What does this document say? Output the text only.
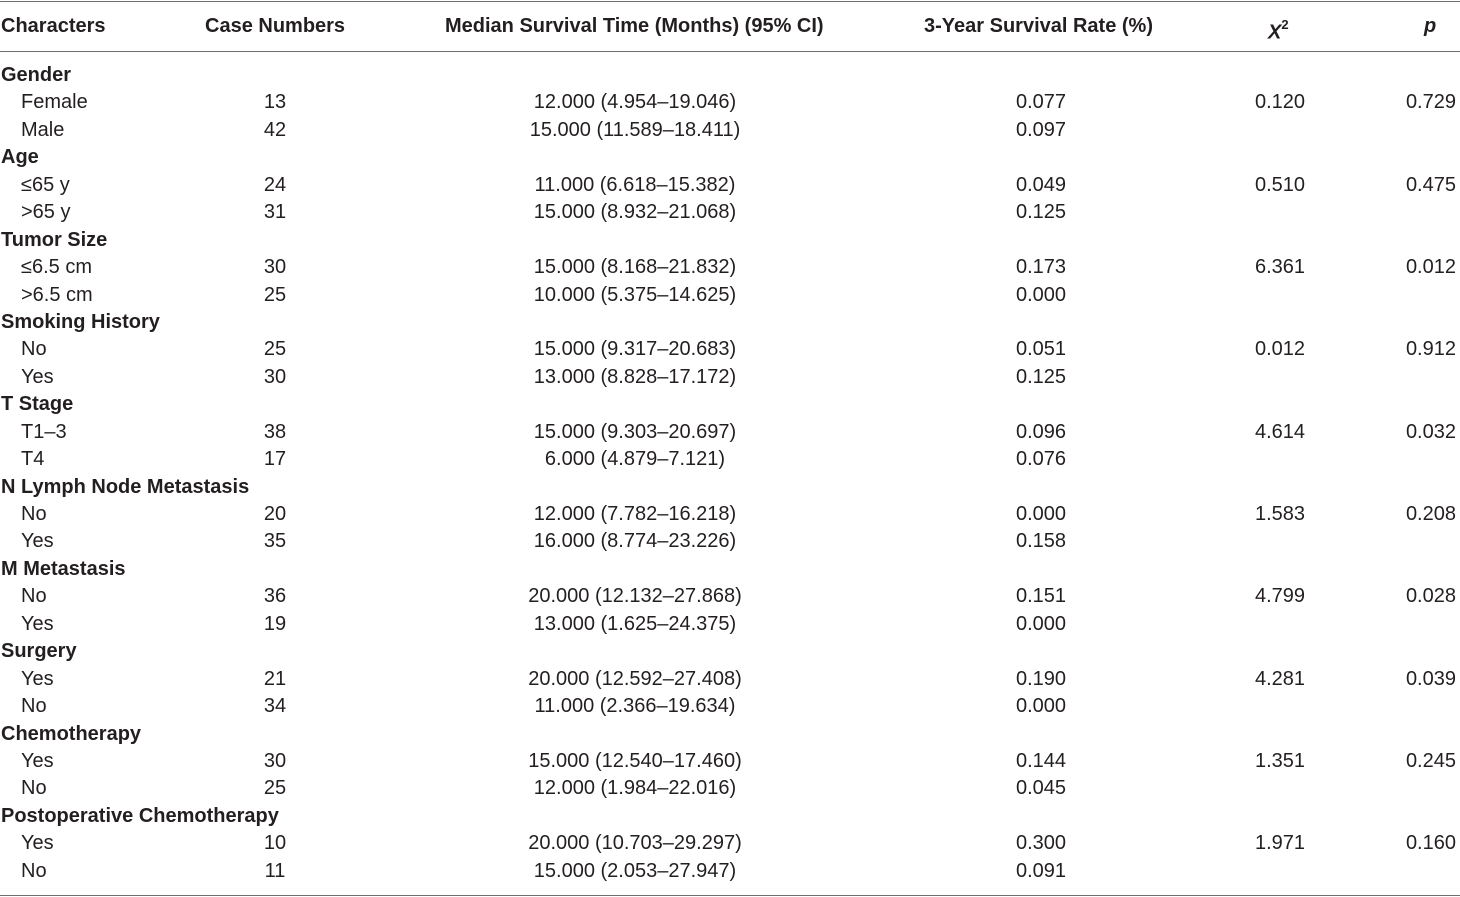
Characters	Case Numbers	Median Survival Time (Months) (95% CI)	3-Year Survival Rate (%)	$X^2$	p
Gender
Female	13	12.000 (4.954–19.046)	0.077	0.120	0.729
Male	42	15.000 (11.589–18.411)	0.097
Age
≤65 y	24	11.000 (6.618–15.382)	0.049	0.510	0.475
>65 y	31	15.000 (8.932–21.068)	0.125
Tumor Size
≤6.5 cm	30	15.000 (8.168–21.832)	0.173	6.361	0.012
>6.5 cm	25	10.000 (5.375–14.625)	0.000
Smoking History
No	25	15.000 (9.317–20.683)	0.051	0.012	0.912
Yes	30	13.000 (8.828–17.172)	0.125
T Stage
T1–3	38	15.000 (9.303–20.697)	0.096	4.614	0.032
T4	17	6.000 (4.879–7.121)	0.076
N Lymph Node Metastasis
No	20	12.000 (7.782–16.218)	0.000	1.583	0.208
Yes	35	16.000 (8.774–23.226)	0.158
M Metastasis
No	36	20.000 (12.132–27.868)	0.151	4.799	0.028
Yes	19	13.000 (1.625–24.375)	0.000
Surgery
Yes	21	20.000 (12.592–27.408)	0.190	4.281	0.039
No	34	11.000 (2.366–19.634)	0.000
Chemotherapy
Yes	30	15.000 (12.540–17.460)	0.144	1.351	0.245
No	25	12.000 (1.984–22.016)	0.045
Postoperative Chemotherapy
Yes	10	20.000 (10.703–29.297)	0.300	1.971	0.160
No	11	15.000 (2.053–27.947)	0.091
